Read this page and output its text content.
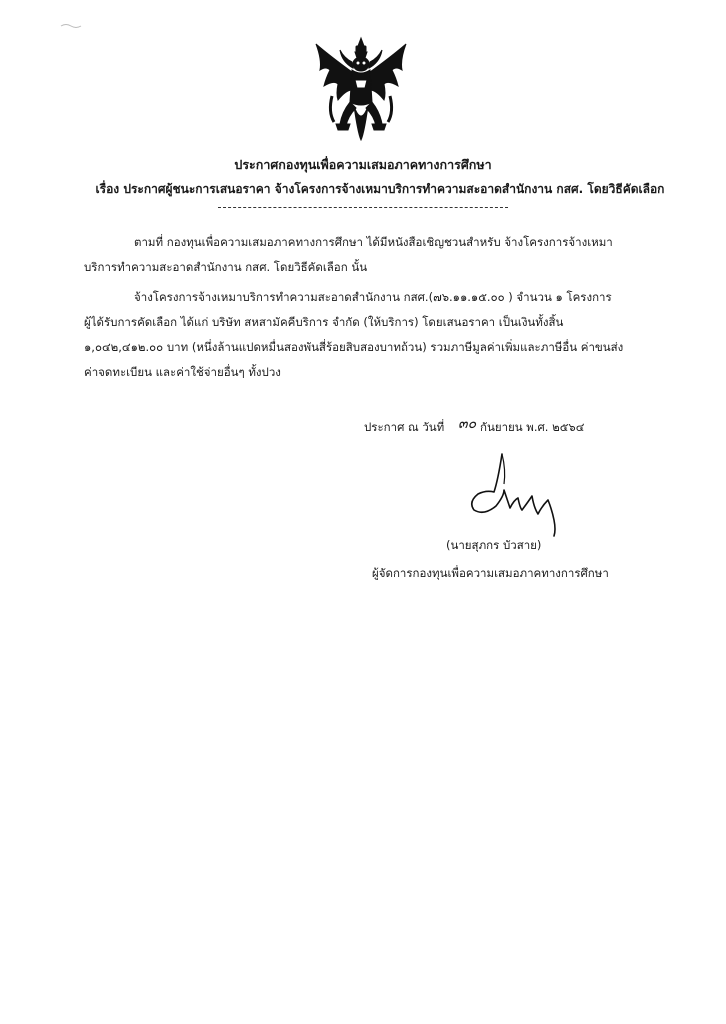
ประกาศกองทุนเพื่อความเสมอภาคทางการศึกษา
เรื่อง ประกาศผู้ชนะการเสนอราคา จ้างโครงการจ้างเหมาบริการทำความสะอาดสำนักงาน กสศ. โดยวิธีคัดเลือก
ตามที่ กองทุนเพื่อความเสมอภาคทางการศึกษา ได้มีหนังสือเชิญชวนสำหรับ จ้างโครงการจ้างเหมา
บริการทำความสะอาดสำนักงาน กสศ. โดยวิธีคัดเลือก นั้น
จ้างโครงการจ้างเหมาบริการทำความสะอาดสำนักงาน กสศ.(๗๖.๑๑.๑๕.๐๐ ) จำนวน ๑ โครงการ
ผู้ได้รับการคัดเลือก ได้แก่ บริษัท สหสามัคคีบริการ จำกัด (ให้บริการ) โดยเสนอราคา เป็นเงินทั้งสิ้น
๑,๐๔๒,๔๑๒.๐๐ บาท (หนึ่งล้านแปดหมื่นสองพันสี่ร้อยสิบสองบาทถ้วน) รวมภาษีมูลค่าเพิ่มและภาษีอื่น ค่าขนส่ง
ค่าจดทะเบียน และค่าใช้จ่ายอื่นๆ ทั้งปวง
ประกาศ ณ วันที่ ๓๐ กันยายน พ.ศ. ๒๕๖๔
(นายสุภกร บัวสาย)
ผู้จัดการกองทุนเพื่อความเสมอภาคทางการศึกษา
